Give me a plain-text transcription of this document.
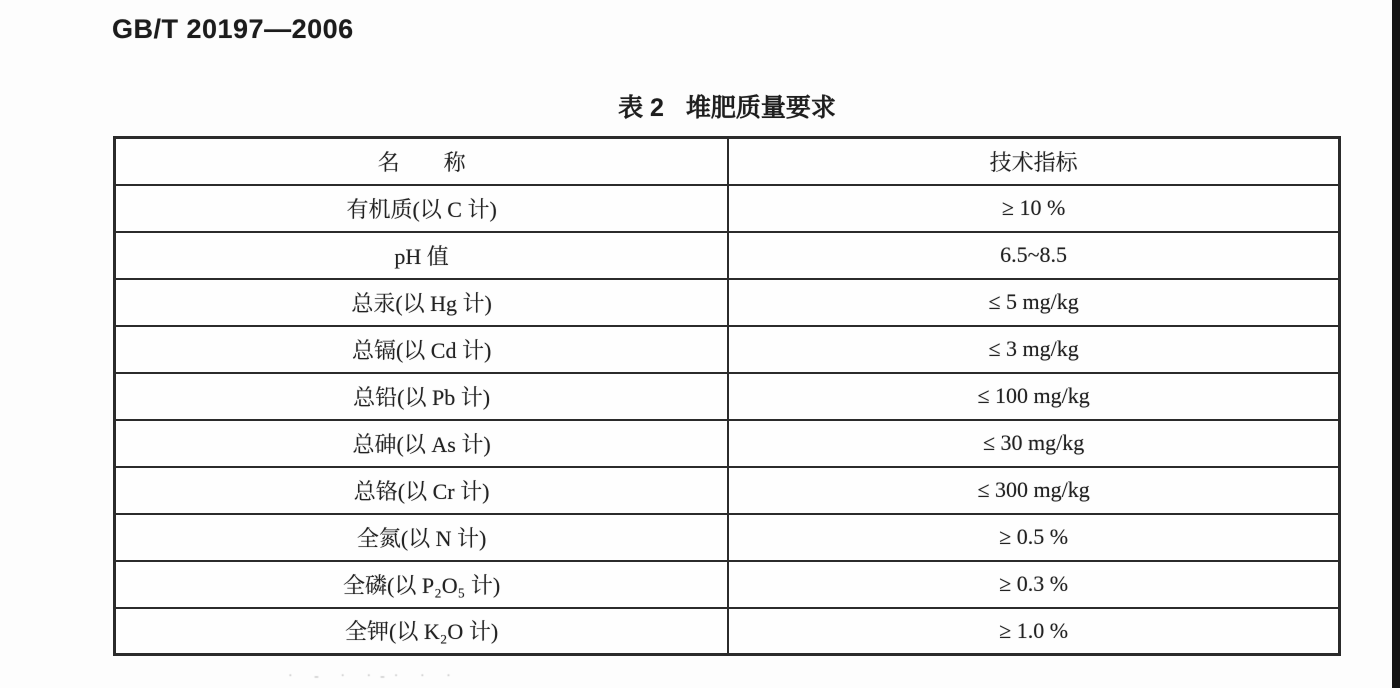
GB/T 20197—2006
表 2 堆肥质量要求
名　　称	技术指标
有机质(以 C 计)	≥ 10 %
pH 值	6.5~8.5
总汞(以 Hg 计)	≤ 5 mg/kg
总镉(以 Cd 计)	≤ 3 mg/kg
总铅(以 Pb 计)	≤ 100 mg/kg
总砷(以 As 计)	≤ 30 mg/kg
总铬(以 Cr 计)	≤ 300 mg/kg
全氮(以 N 计)	≥ 0.5 %
全磷(以 P₂O₅ 计)	≥ 0.3 %
全钾(以 K₂O 计)	≥ 1.0 %
· - · ·-· · ·
